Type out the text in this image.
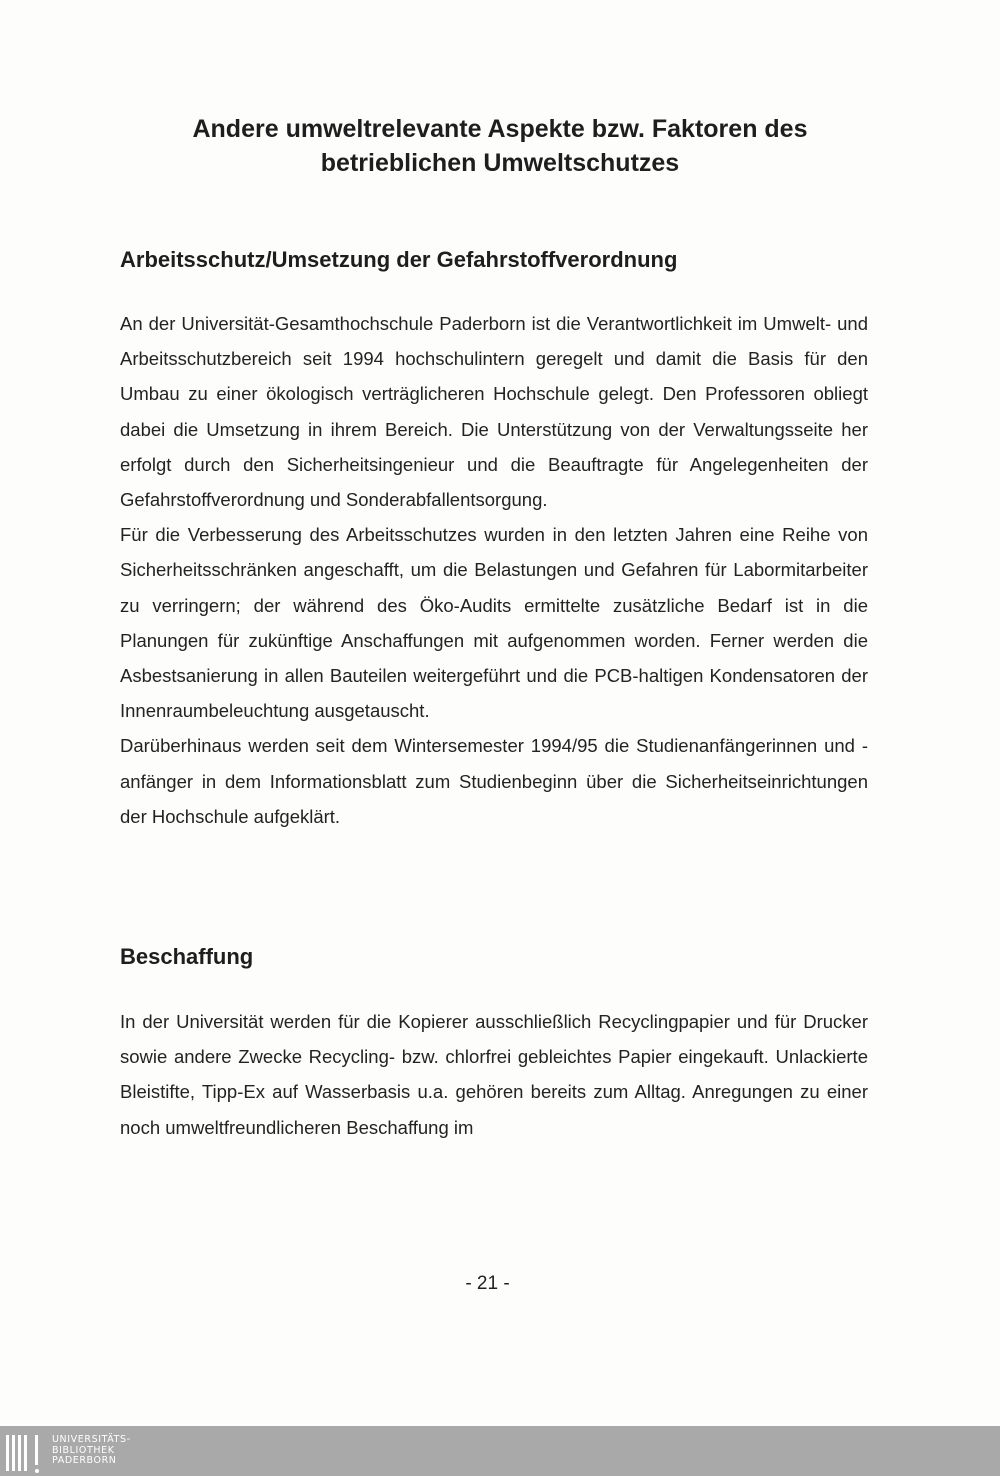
Andere umweltrelevante Aspekte bzw. Faktoren des
betrieblichen Umweltschutzes
Arbeitsschutz/Umsetzung der Gefahrstoffverordnung

An der Universität-Gesamthochschule Paderborn ist die Verantwortlichkeit im Umwelt- und Arbeitsschutzbereich seit 1994 hochschulintern geregelt und damit die Basis für den Umbau zu einer ökologisch verträglicheren Hochschule gelegt. Den Professoren obliegt dabei die Umsetzung in ihrem Bereich. Die Unterstützung von der Verwaltungsseite her erfolgt durch den Sicherheitsingenieur und die Beauftragte für Angelegenheiten der Gefahrstoffverordnung und Sonderabfallentsorgung.

Für die Verbesserung des Arbeitsschutzes wurden in den letzten Jahren eine Reihe von Sicherheitsschränken angeschafft, um die Belastungen und Gefahren für Labormitarbeiter zu verringern; der während des Öko-Audits ermittelte zusätzliche Bedarf ist in die Planungen für zukünftige Anschaffungen mit aufgenommen worden. Ferner werden die Asbestsanierung in allen Bauteilen weitergeführt und die PCB-haltigen Kondensatoren der Innenraumbeleuchtung ausgetauscht.

Darüberhinaus werden seit dem Wintersemester 1994/95 die Studienanfängerinnen und -anfänger in dem Informationsblatt zum Studienbeginn über die Sicherheitseinrichtungen der Hochschule aufgeklärt.

Beschaffung

In der Universität werden für die Kopierer ausschließlich Recyclingpapier und für Drucker sowie andere Zwecke Recycling- bzw. chlorfrei gebleichtes Papier eingekauft. Unlackierte Bleistifte, Tipp-Ex auf Wasserbasis u.a. gehören bereits zum Alltag. Anregungen zu einer noch umweltfreundlicheren Beschaffung im

- 21 -
UNIVERSITÄTS-
BIBLIOTHEK
PADERBORN
